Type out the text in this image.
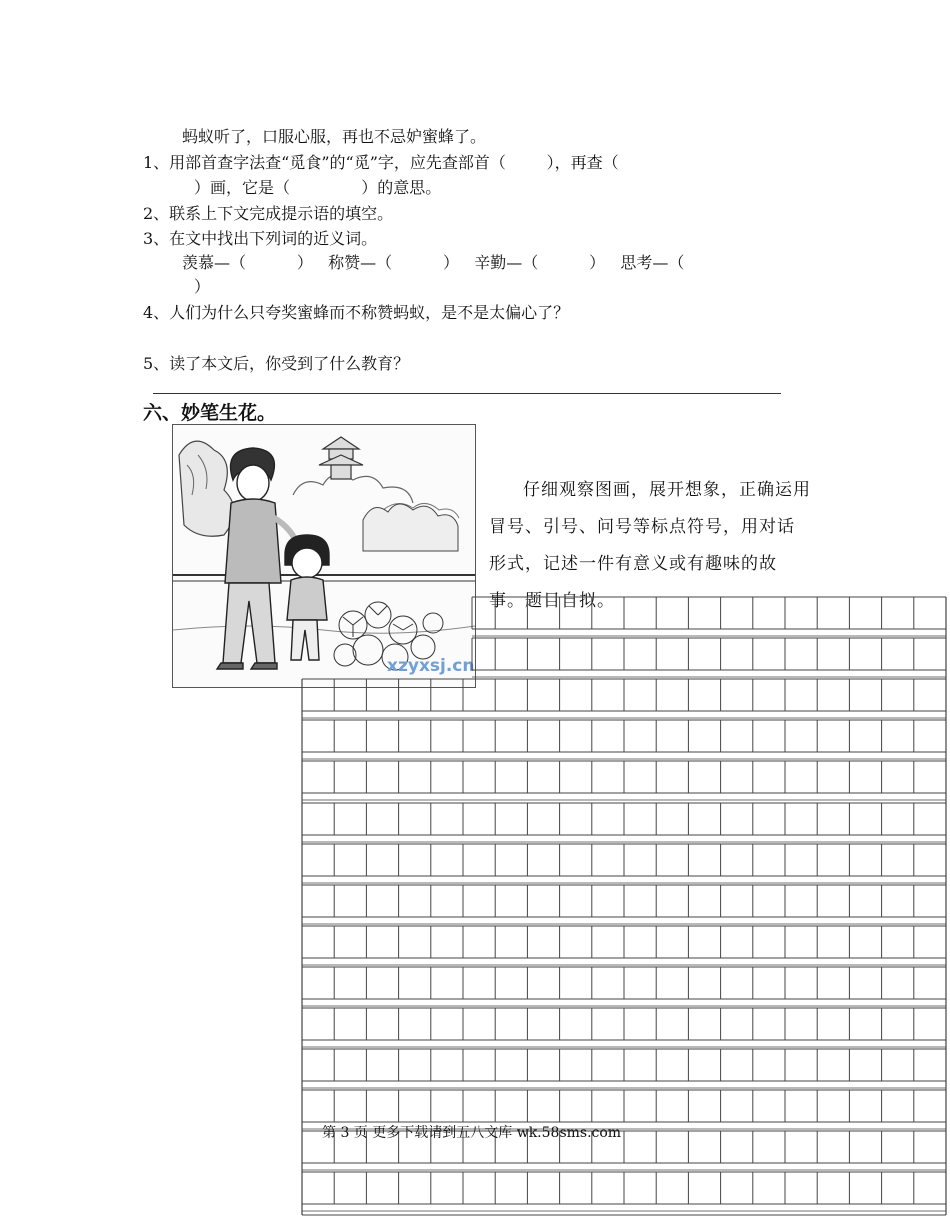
蚂蚁听了，口服心服，再也不忌妒蜜蜂了。
1、用部首查字法查“觅食”的“觅”字，应先查部首（        ），再查（
）画，它是（              ）的意思。
2、联系上下文完成提示语的填空。
3、在文中找出下列词的近义词。
羡慕—（          ）   称赞—（          ）   辛勤—（          ）   思考—（
）
4、人们为什么只夸奖蜜蜂而不称赞蚂蚁，是不是太偏心了？
5、读了本文后，你受到了什么教育？
六、妙笔生花。
xzyxsj.cn
仔细观察图画，展开想象，正确运用冒号、引号、问号等标点符号，用对话形式，记述一件有意义或有趣味的故事。题目自拟。
第 3 页 更多下载请到五八文库 wk.58sms.com
